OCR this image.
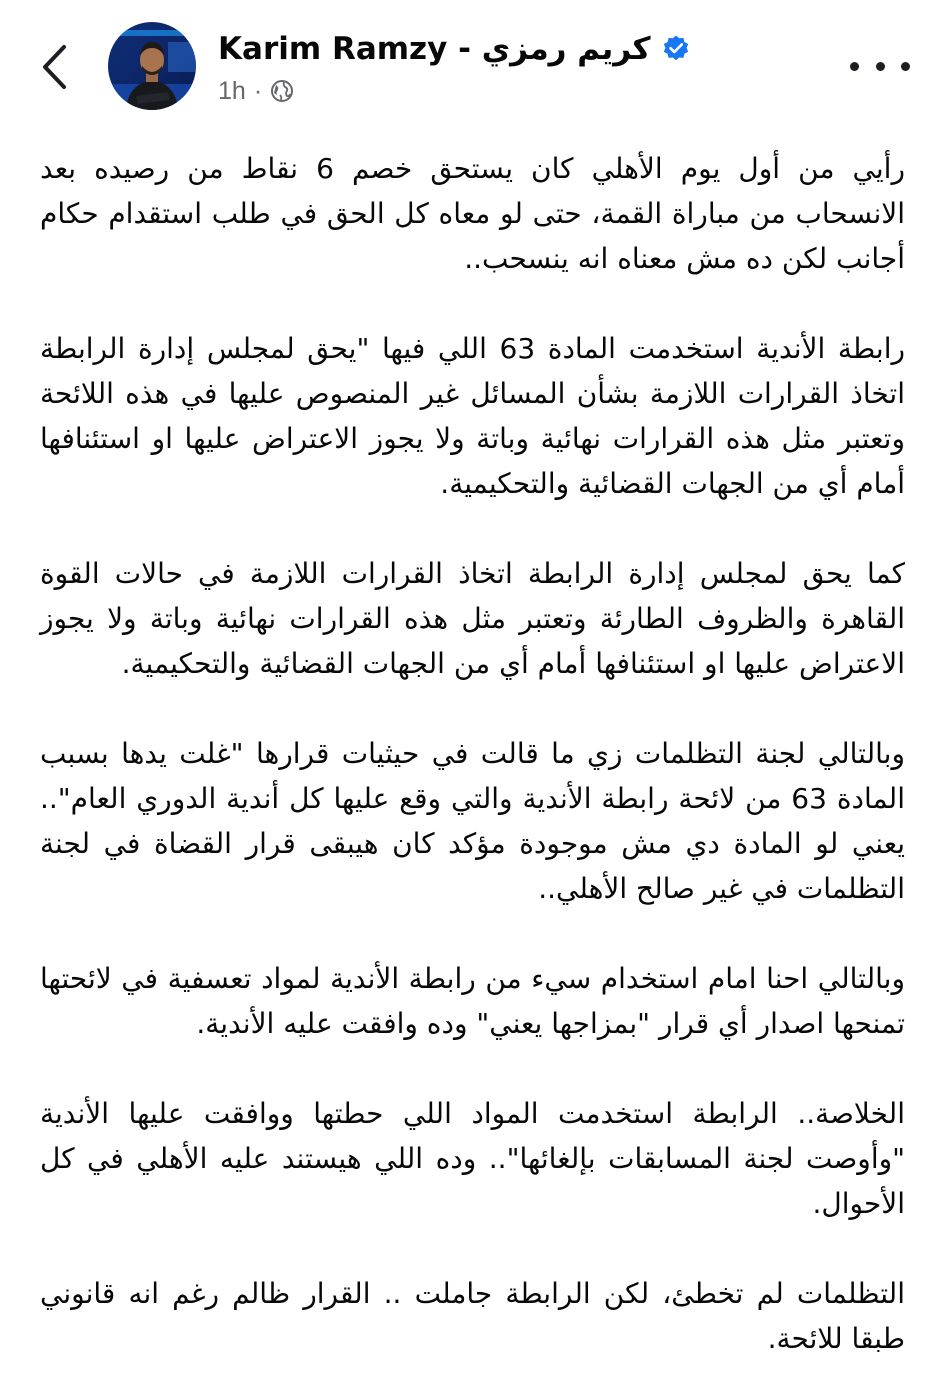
Karim Ramzy - كريم رمزي
1h ·

رأيي من أول يوم الأهلي كان يستحق خصم 6 نقاط من رصيده بعد الانسحاب من مباراة القمة، حتى لو معاه كل الحق في طلب استقدام حكام أجانب لكن ده مش معناه انه ينسحب..

رابطة الأندية استخدمت المادة 63 اللي فيها "يحق لمجلس إدارة الرابطة اتخاذ القرارات اللازمة بشأن المسائل غير المنصوص عليها في هذه اللائحة وتعتبر مثل هذه القرارات نهائية وباتة ولا يجوز الاعتراض عليها او استئنافها أمام أي من الجهات القضائية والتحكيمية.

كما يحق لمجلس إدارة الرابطة اتخاذ القرارات اللازمة في حالات القوة القاهرة والظروف الطارئة وتعتبر مثل هذه القرارات نهائية وباتة ولا يجوز الاعتراض عليها او استئنافها أمام أي من الجهات القضائية والتحكيمية.

وبالتالي لجنة التظلمات زي ما قالت في حيثيات قرارها "غلت يدها بسبب المادة 63 من لائحة رابطة الأندية والتي وقع عليها كل أندية الدوري العام".. يعني لو المادة دي مش موجودة مؤكد كان هيبقى قرار القضاة في لجنة التظلمات في غير صالح الأهلي..

وبالتالي احنا امام استخدام سيء من رابطة الأندية لمواد تعسفية في لائحتها تمنحها اصدار أي قرار "بمزاجها يعني" وده وافقت عليه الأندية.

الخلاصة.. الرابطة استخدمت المواد اللي حطتها ووافقت عليها الأندية "وأوصت لجنة المسابقات بإلغائها".. وده اللي هيستند عليه الأهلي في كل الأحوال.

التظلمات لم تخطئ، لكن الرابطة جاملت .. القرار ظالم رغم انه قانوني طبقا للائحة.
